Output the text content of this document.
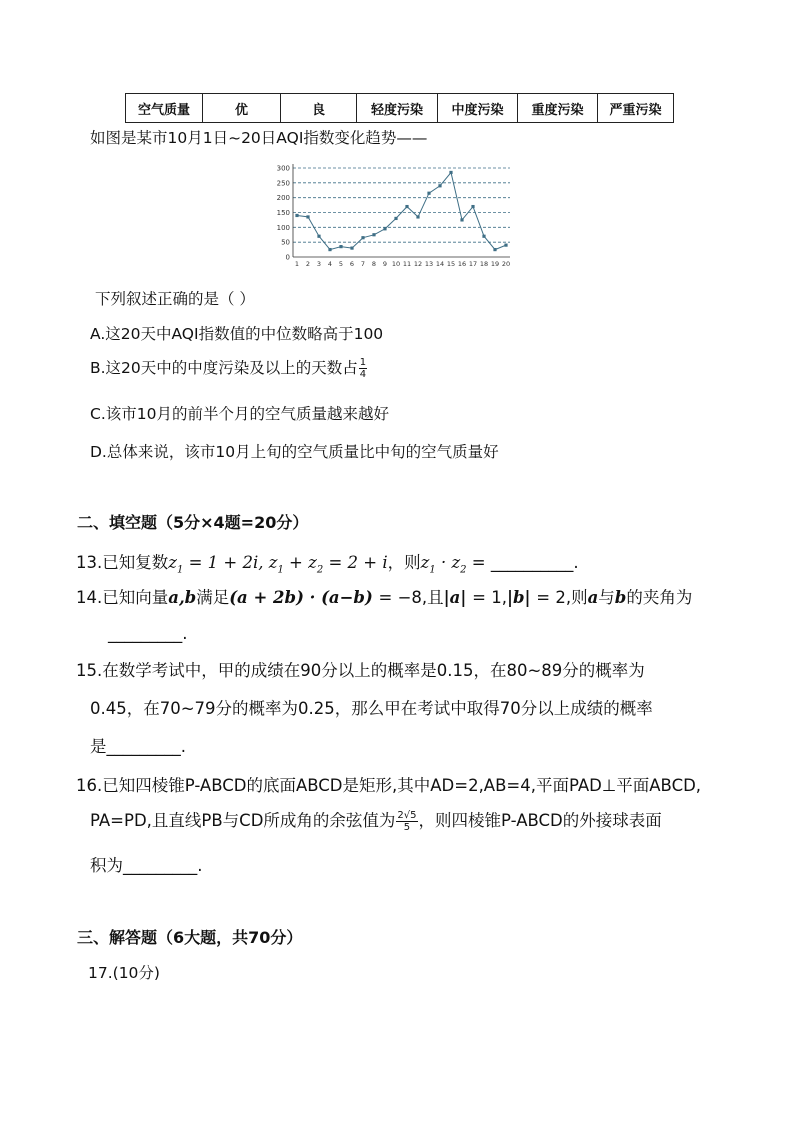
空气质量	优	良	轻度污染	中度污染	重度污染	严重污染
如图是某市10月1日~20日AQI指数变化趋势——
0
50
100
150
200
250
300
1 2 3 4 5 6 7 8 9 10 11 12 13 14 15 16 17 18 19 20
下列叙述正确的是（ ）
A.这20天中AQI指数值的中位数略高于100
B.这20天中的中度污染及以上的天数占 $\frac{1}{4}$
C.该市10月的前半个月的空气质量越来越好
D.总体来说，该市10月上旬的空气质量比中旬的空气质量好
二、填空题（5分×4题=20分）
13.已知复数$z_1 = 1 + 2i$, $z_1 + z_2 = 2 + i$，则$z_1 \cdot z_2$ = __________.
14.已知向量a,b满足(a + 2b) · (a−b) = −8,且|a| = 1,|b| = 2,则a与b的夹角为
_________.
15.在数学考试中，甲的成绩在90分以上的概率是0.15，在80~89分的概率为
0.45，在70~79分的概率为0.25，那么甲在考试中取得70分以上成绩的概率
是_________.
16.已知四棱锥P-ABCD的底面ABCD是矩形,其中AD=2,AB=4,平面PAD⊥平面ABCD,
PA=PD,且直线PB与CD所成角的余弦值为 $\frac{2√5}{5}$ ，则四棱锥P-ABCD的外接球表面
积为_________.
三、解答题（6大题，共70分）
17.(10分)
